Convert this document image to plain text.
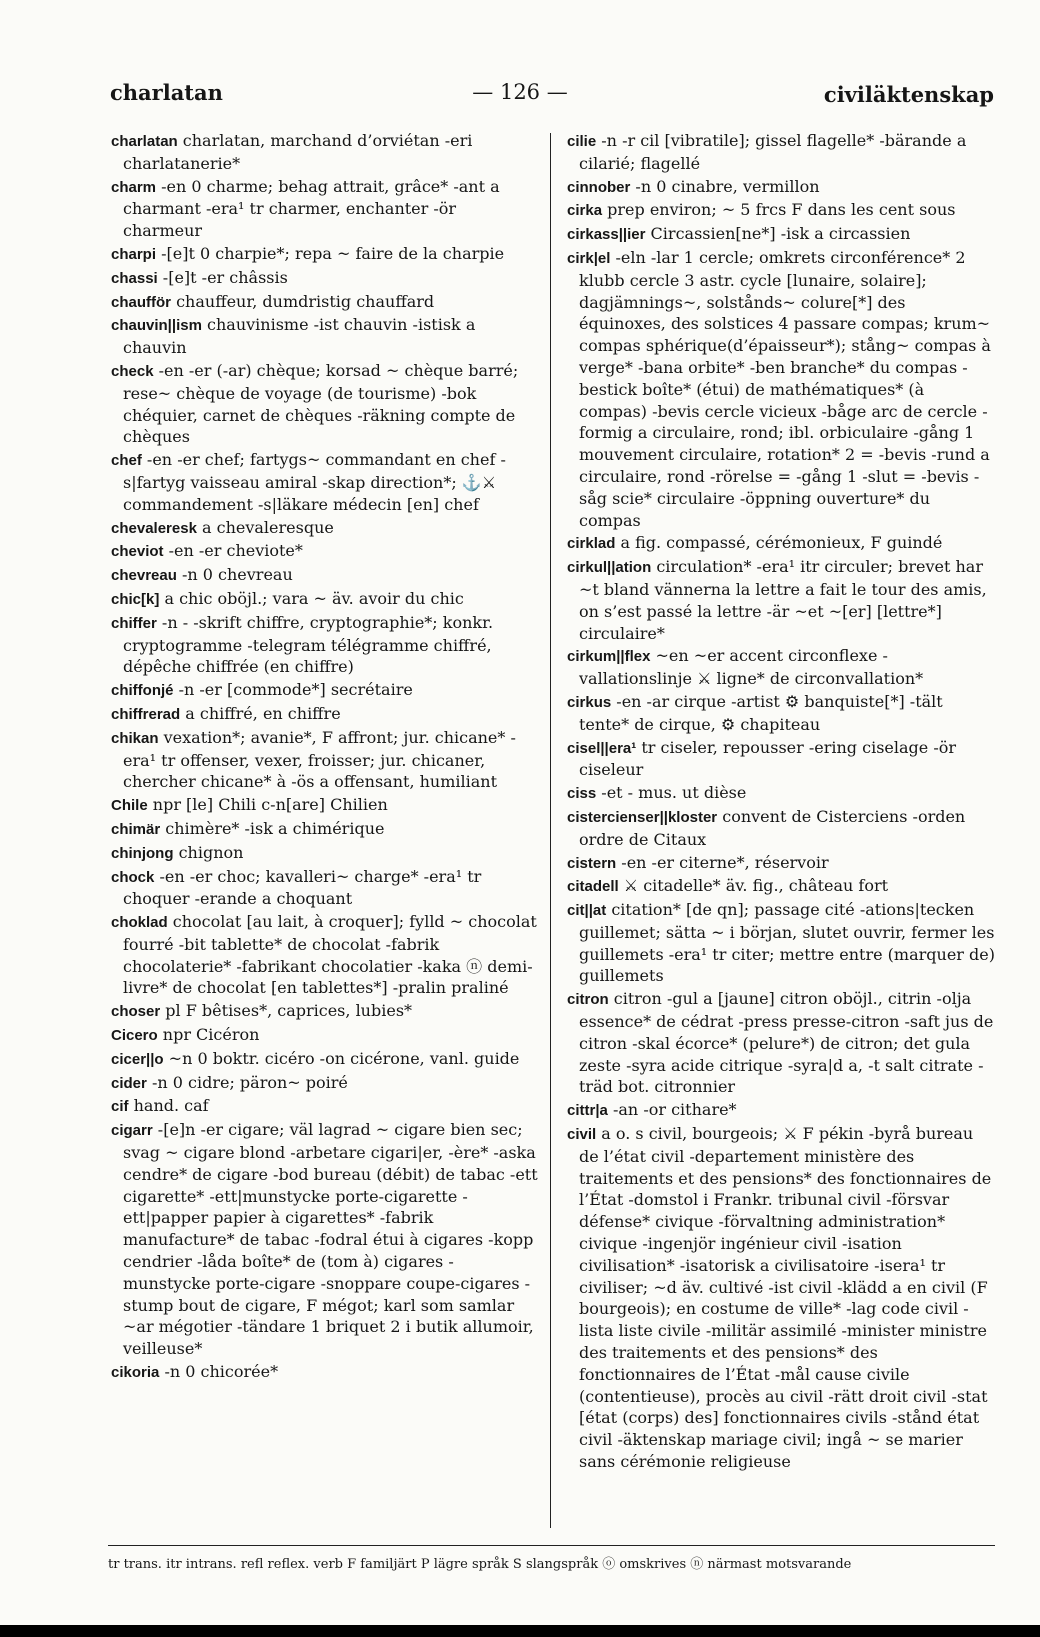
charlatan	— 126 —	civiläktenskap
charlatan charlatan, marchand d’orviétan -eri charlatanerie*
charm -en 0 charme; behag attrait, grâce* -ant a charmant -era¹ tr charmer, enchanter -ör charmeur
charpi -[e]t 0 charpie*; repa ~ faire de la charpie
chassi -[e]t -er châssis
chaufför chauffeur, dumdristig chauffard
chauvin||ism chauvinisme -ist chauvin -istisk a chauvin
check -en -er (-ar) chèque; korsad ~ chèque barré; rese~ chèque de voyage (de tourisme) -bok chéquier, carnet de chèques -räkning compte de chèques
chef -en -er chef; fartygs~ commandant en chef -s|fartyg vaisseau amiral -skap direction*; ⚓⚔ commandement -s|läkare médecin [en] chef
chevaleresk a chevaleresque
cheviot -en -er cheviote*
chevreau -n 0 chevreau
chic[k] a chic oböjl.; vara ~ äv. avoir du chic
chiffer -n - -skrift chiffre, cryptographie*; konkr. cryptogramme -telegram télégramme chiffré, dépêche chiffrée (en chiffre)
chiffonjé -n -er [commode*] secrétaire
chiffrerad a chiffré, en chiffre
chikan vexation*; avanie*, F affront; jur. chicane* -era¹ tr offenser, vexer, froisser; jur. chicaner, chercher chicane* à -ös a offensant, humiliant
Chile npr [le] Chili c-n[are] Chilien
chimär chimère* -isk a chimérique
chinjong chignon
chock -en -er choc; kavalleri~ charge* -era¹ tr choquer -erande a choquant
choklad chocolat [au lait, à croquer]; fylld ~ chocolat fourré -bit tablette* de chocolat -fabrik chocolaterie* -fabrikant chocolatier -kaka ⓝ demi-livre* de chocolat [en tablettes*] -pralin praliné
choser pl F bêtises*, caprices, lubies*
Cicero npr Cicéron
cicer||o ~n 0 boktr. cicéro -on cicérone, vanl. guide
cider -n 0 cidre; päron~ poiré
cif hand. caf
cigarr -[e]n -er cigare; väl lagrad ~ cigare bien sec; svag ~ cigare blond -arbetare cigari|er, -ère* -aska cendre* de cigare -bod bureau (débit) de tabac -ett cigarette* -ett|munstycke porte-cigarette -ett|papper papier à cigarettes* -fabrik manufacture* de tabac -fodral étui à cigares -kopp cendrier -låda boîte* de (tom à) cigares -munstycke porte-cigare -snoppare coupe-cigares -stump bout de cigare, F mégot; karl som samlar ~ar mégotier -tändare 1 briquet 2 i butik allumoir, veilleuse*
cikoria -n 0 chicorée*
cilie -n -r cil [vibratile]; gissel flagelle* -bärande a cilarié; flagellé
cinnober -n 0 cinabre, vermillon
cirka prep environ; ~ 5 frcs F dans les cent sous
cirkass||ier Circassien[ne*] -isk a circassien
cirk|el -eln -lar 1 cercle; omkrets circonférence* 2 klubb cercle 3 astr. cycle [lunaire, solaire]; dagjämnings~, solstånds~ colure[*] des équinoxes, des solstices 4 passare compas; krum~ compas sphérique(d’épaisseur*); stång~ compas à verge* -bana orbite* -ben branche* du compas -bestick boîte* (étui) de mathématiques* (à compas) -bevis cercle vicieux -båge arc de cercle -formig a circulaire, rond; ibl. orbiculaire -gång 1 mouvement circulaire, rotation* 2 = -bevis -rund a circulaire, rond -rörelse = -gång 1 -slut = -bevis -såg scie* circulaire -öppning ouverture* du compas
cirklad a fig. compassé, cérémonieux, F guindé
cirkul||ation circulation* -era¹ itr circuler; brevet har ~t bland vännerna la lettre a fait le tour des amis, on s’est passé la lettre -är ~et ~[er] [lettre*] circulaire*
cirkum||flex ~en ~er accent circonflexe -vallationslinje ⚔ ligne* de circonvallation*
cirkus -en -ar cirque -artist ⚙ banquiste[*] -tält tente* de cirque, ⚙ chapiteau
cisel||era¹ tr ciseler, repousser -ering ciselage -ör ciseleur
ciss -et - mus. ut dièse
cistercienser||kloster convent de Cisterciens -orden ordre de Citaux
cistern -en -er citerne*, réservoir
citadell ⚔ citadelle* äv. fig., château fort
cit||at citation* [de qn]; passage cité -ations|tecken guillemet; sätta ~ i början, slutet ouvrir, fermer les guillemets -era¹ tr citer; mettre entre (marquer de) guillemets
citron citron -gul a [jaune] citron oböjl., citrin -olja essence* de cédrat -press presse-citron -saft jus de citron -skal écorce* (pelure*) de citron; det gula zeste -syra acide citrique -syra|d a, -t salt citrate -träd bot. citronnier
cittr|a -an -or cithare*
civil a o. s civil, bourgeois; ⚔ F pékin -byrå bureau de l’état civil -departement ministère des traitements et des pensions* des fonctionnaires de l’État -domstol i Frankr. tribunal civil -försvar défense* civique -förvaltning administration* civique -ingenjör ingénieur civil -isation civilisation* -isatorisk a civilisatoire -isera¹ tr civiliser; ~d äv. cultivé -ist civil -klädd a en civil (F bourgeois); en costume de ville* -lag code civil -lista liste civile -militär assimilé -minister ministre des traitements et des pensions* des fonctionnaires de l’État -mål cause civile (contentieuse), procès au civil -rätt droit civil -stat [état (corps) des] fonctionnaires civils -stånd état civil -äktenskap mariage civil; ingå ~ se marier sans cérémonie religieuse
tr trans. itr intrans. refl reflex. verb F familjärt P lägre språk S slangspråk ⓞ omskrives ⓝ närmast motsvarande
